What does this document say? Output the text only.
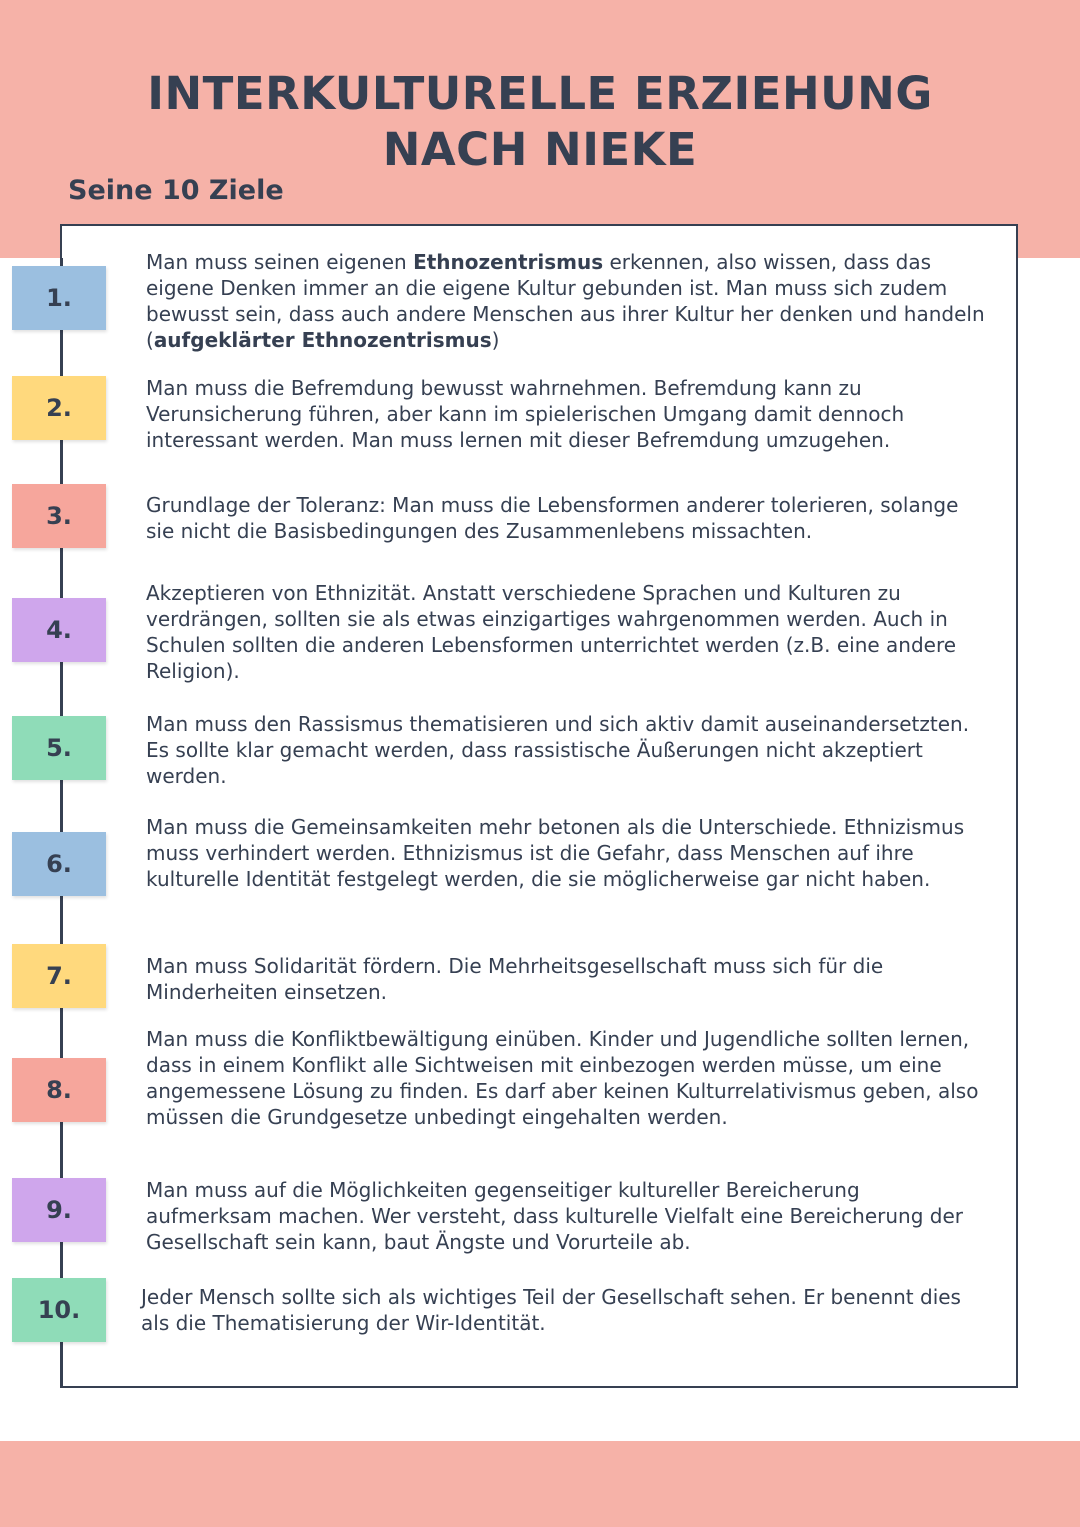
INTERKULTURELLE ERZIEHUNG
NACH NIEKE
Seine 10 Ziele
1.

Man muss seinen eigenen Ethnozentrismus erkennen, also wissen, dass das eigene Denken immer an die eigene Kultur gebunden ist. Man muss sich zudem bewusst sein, dass auch andere Menschen aus ihrer Kultur her denken und handeln (aufgeklärter Ethnozentrismus)

2.

Man muss die Befremdung bewusst wahrnehmen. Befremdung kann zu Verunsicherung führen, aber kann im spielerischen Umgang damit dennoch interessant werden. Man muss lernen mit dieser Befremdung umzugehen.

3.	Grundlage der Toleranz: Man muss die Lebensformen anderer tolerieren, solange sie nicht die Basisbedingungen des Zusammenlebens missachten.

4.

Akzeptieren von Ethnizität. Anstatt verschiedene Sprachen und Kulturen zu verdrängen, sollten sie als etwas einzigartiges wahrgenommen werden. Auch in Schulen sollten die anderen Lebensformen unterrichtet werden (z.B. eine andere Religion).

5.

Man muss den Rassismus thematisieren und sich aktiv damit auseinandersetzten. Es sollte klar gemacht werden, dass rassistische Äußerungen nicht akzeptiert werden.

6.

Man muss die Gemeinsamkeiten mehr betonen als die Unterschiede. Ethnizismus muss verhindert werden. Ethnizismus ist die Gefahr, dass Menschen auf ihre kulturelle Identität festgelegt werden, die sie möglicherweise gar nicht haben.

7.	Man muss Solidarität fördern. Die Mehrheitsgesellschaft muss sich für die Minderheiten einsetzen.

8.

Man muss die Konfliktbewältigung einüben. Kinder und Jugendliche sollten lernen, dass in einem Konflikt alle Sichtweisen mit einbezogen werden müsse, um eine angemessene Lösung zu finden. Es darf aber keinen Kulturrelativismus geben, also müssen die Grundgesetze unbedingt eingehalten werden.

9.

Man muss auf die Möglichkeiten gegenseitiger kultureller Bereicherung aufmerksam machen. Wer versteht, dass kulturelle Vielfalt eine Bereicherung der Gesellschaft sein kann, baut Ängste und Vorurteile ab.

10.	Jeder Mensch sollte sich als wichtiges Teil der Gesellschaft sehen. Er benennt dies als die Thematisierung der Wir-Identität.
